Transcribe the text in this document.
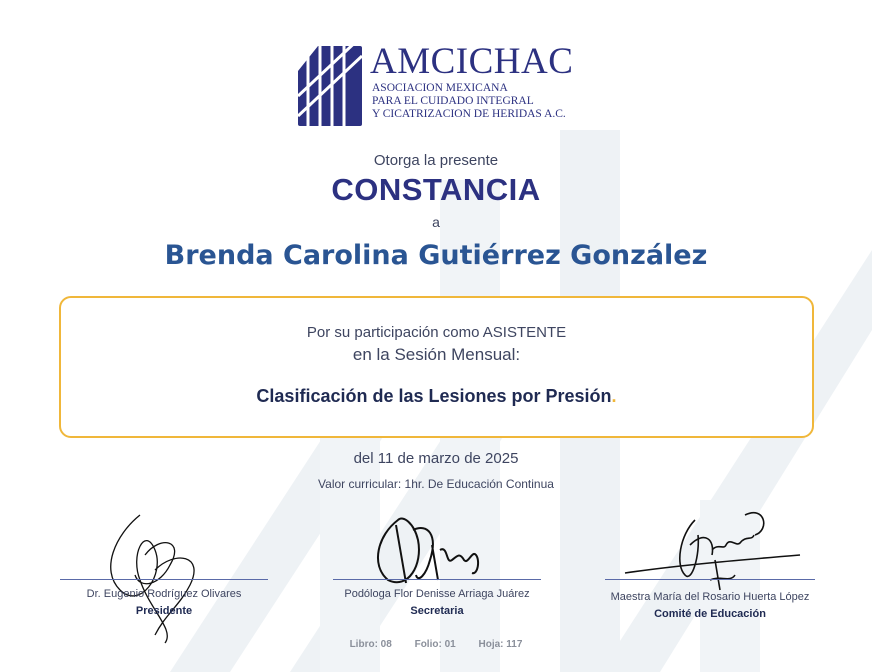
AMCICHAC
ASOCIACION MEXICANA
PARA EL CUIDADO INTEGRAL
Y CICATRIZACION DE HERIDAS A.C.
Otorga la presente
CONSTANCIA
a
Brenda Carolina Gutiérrez González
Por su participación como ASISTENTE
en la Sesión Mensual:
Clasificación de las Lesiones por Presión.
del 11 de marzo de 2025
Valor curricular: 1hr. De Educación Continua
Dr. Eugenio Rodríguez Olivares
Presidente
Podóloga Flor Denisse Arriaga Juárez
Secretaria
Maestra María del Rosario Huerta López
Comité de Educación
Libro: 08 Folio: 01 Hoja: 117
